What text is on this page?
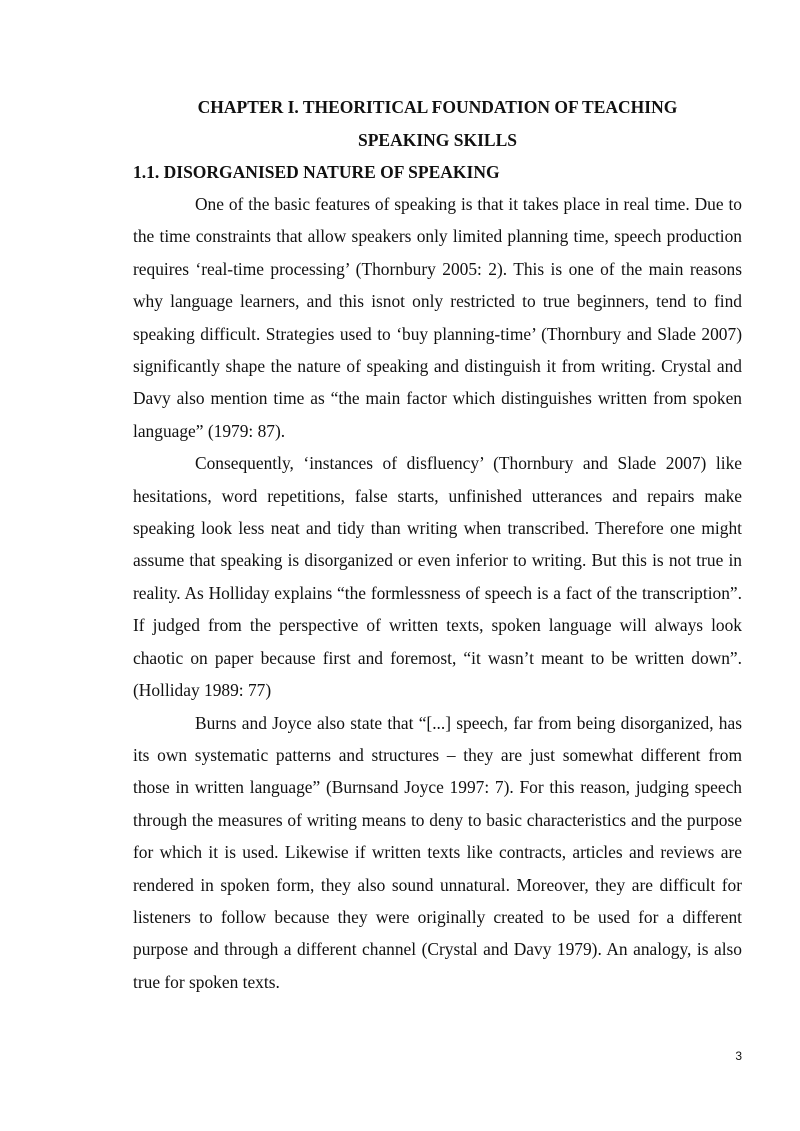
CHAPTER I. THEORITICAL FOUNDATION OF TEACHING
SPEAKING SKILLS
1.1. DISORGANISED NATURE OF SPEAKING

One of the basic features of speaking is that it takes place in real time. Due to the time constraints that allow speakers only limited planning time, speech production requires ‘real-time processing’ (Thornbury 2005: 2). This is one of the main reasons why language learners, and this isnot only restricted to true beginners, tend to find speaking difficult. Strategies used to ‘buy planning-time’ (Thornbury and Slade 2007) significantly shape the nature of speaking and distinguish it from writing. Crystal and Davy also mention time as “the main factor which distinguishes written from spoken language” (1979: 87).

Consequently, ‘instances of disfluency’ (Thornbury and Slade 2007) like hesitations, word repetitions, false starts, unfinished utterances and repairs make speaking look less neat and tidy than writing when transcribed. Therefore one might assume that speaking is disorganized or even inferior to writing. But this is not true in reality. As Holliday explains “the formlessness of speech is a fact of the transcription”. If judged from the perspective of written texts, spoken language will always look chaotic on paper because first and foremost, “it wasn’t meant to be written down”. (Holliday 1989: 77)

Burns and Joyce also state that “[...] speech, far from being disorganized, has its own systematic patterns and structures – they are just somewhat different from those in written language” (Burnsand Joyce 1997: 7). For this reason, judging speech through the measures of writing means to deny to basic characteristics and the purpose for which it is used. Likewise if written texts like contracts, articles and reviews are rendered in spoken form, they also sound unnatural. Moreover, they are difficult for listeners to follow because they were originally created to be used for a different purpose and through a different channel (Crystal and Davy 1979). An analogy, is also true for spoken texts.

3
